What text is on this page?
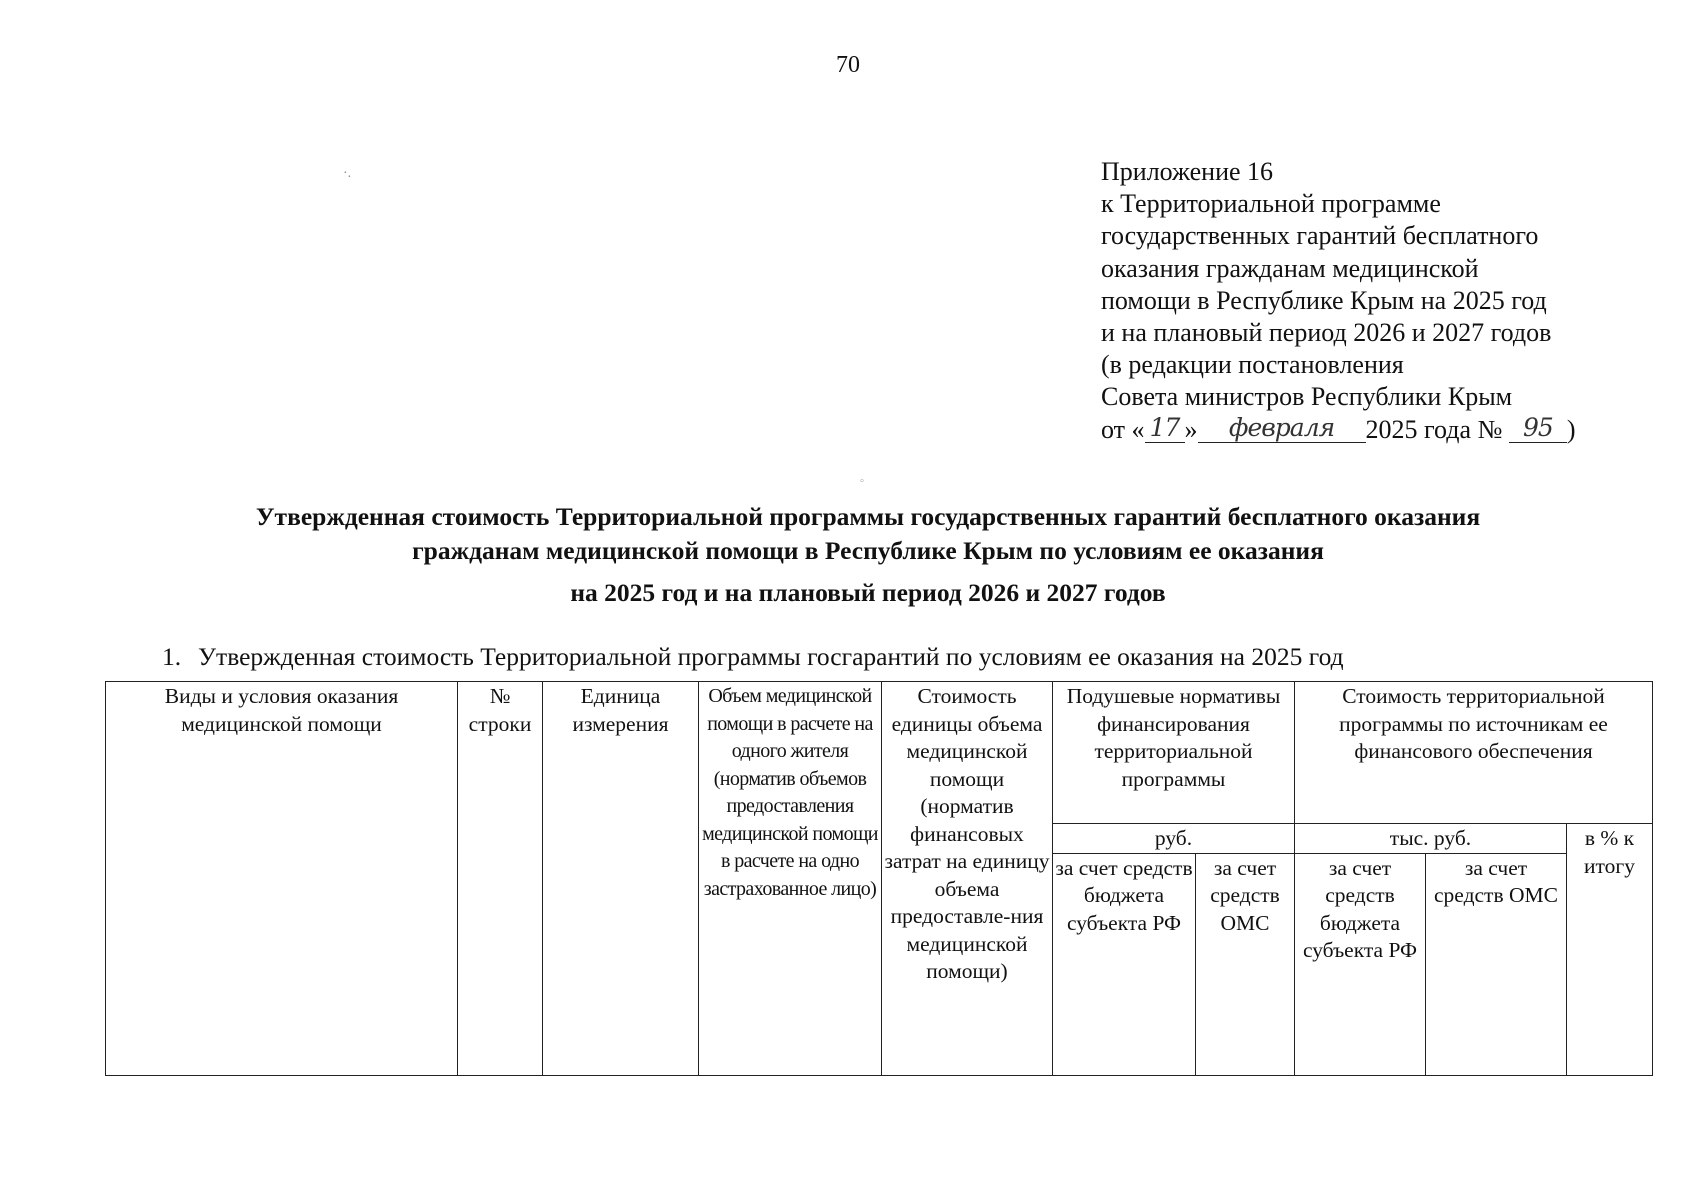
70
·.
°
Приложение 16
к Территориальной программе
государственных гарантий бесплатного
оказания гражданам медицинской
помощи в Республике Крым на 2025 год
и на плановый период 2026 и 2027 годов
(в редакции постановления
Совета министров Республики Крым
от « 17 » февраля 2025 года № 95 )
Утвержденная стоимость Территориальной программы государственных гарантий бесплатного оказания
гражданам медицинской помощи в Республике Крым по условиям ее оказания
на 2025 год и на плановый период 2026 и 2027 годов
1. Утвержденная стоимость Территориальной программы госгарантий по условиям ее оказания на 2025 год
Виды и условия оказания медицинской помощи	№ строки	Единица измерения	Объем медицинской помощи в расчете на одного жителя (норматив объемов предоставления медицинской помощи в расчете на одно застрахованное лицо)	Стоимость единицы объема медицинской помощи (норматив финансовых затрат на единицу объема предоставле-ния медицинской помощи)	Подушевые нормативы финансирования территориальной программы		Стоимость территориальной программы по источникам ее финансового обеспечения		
					руб.		тыс. руб.		в % к итогу
					за счет средств бюджета субъекта РФ	за счет средств ОМС	за счет средств бюджета субъекта РФ	за счет средств ОМС	
